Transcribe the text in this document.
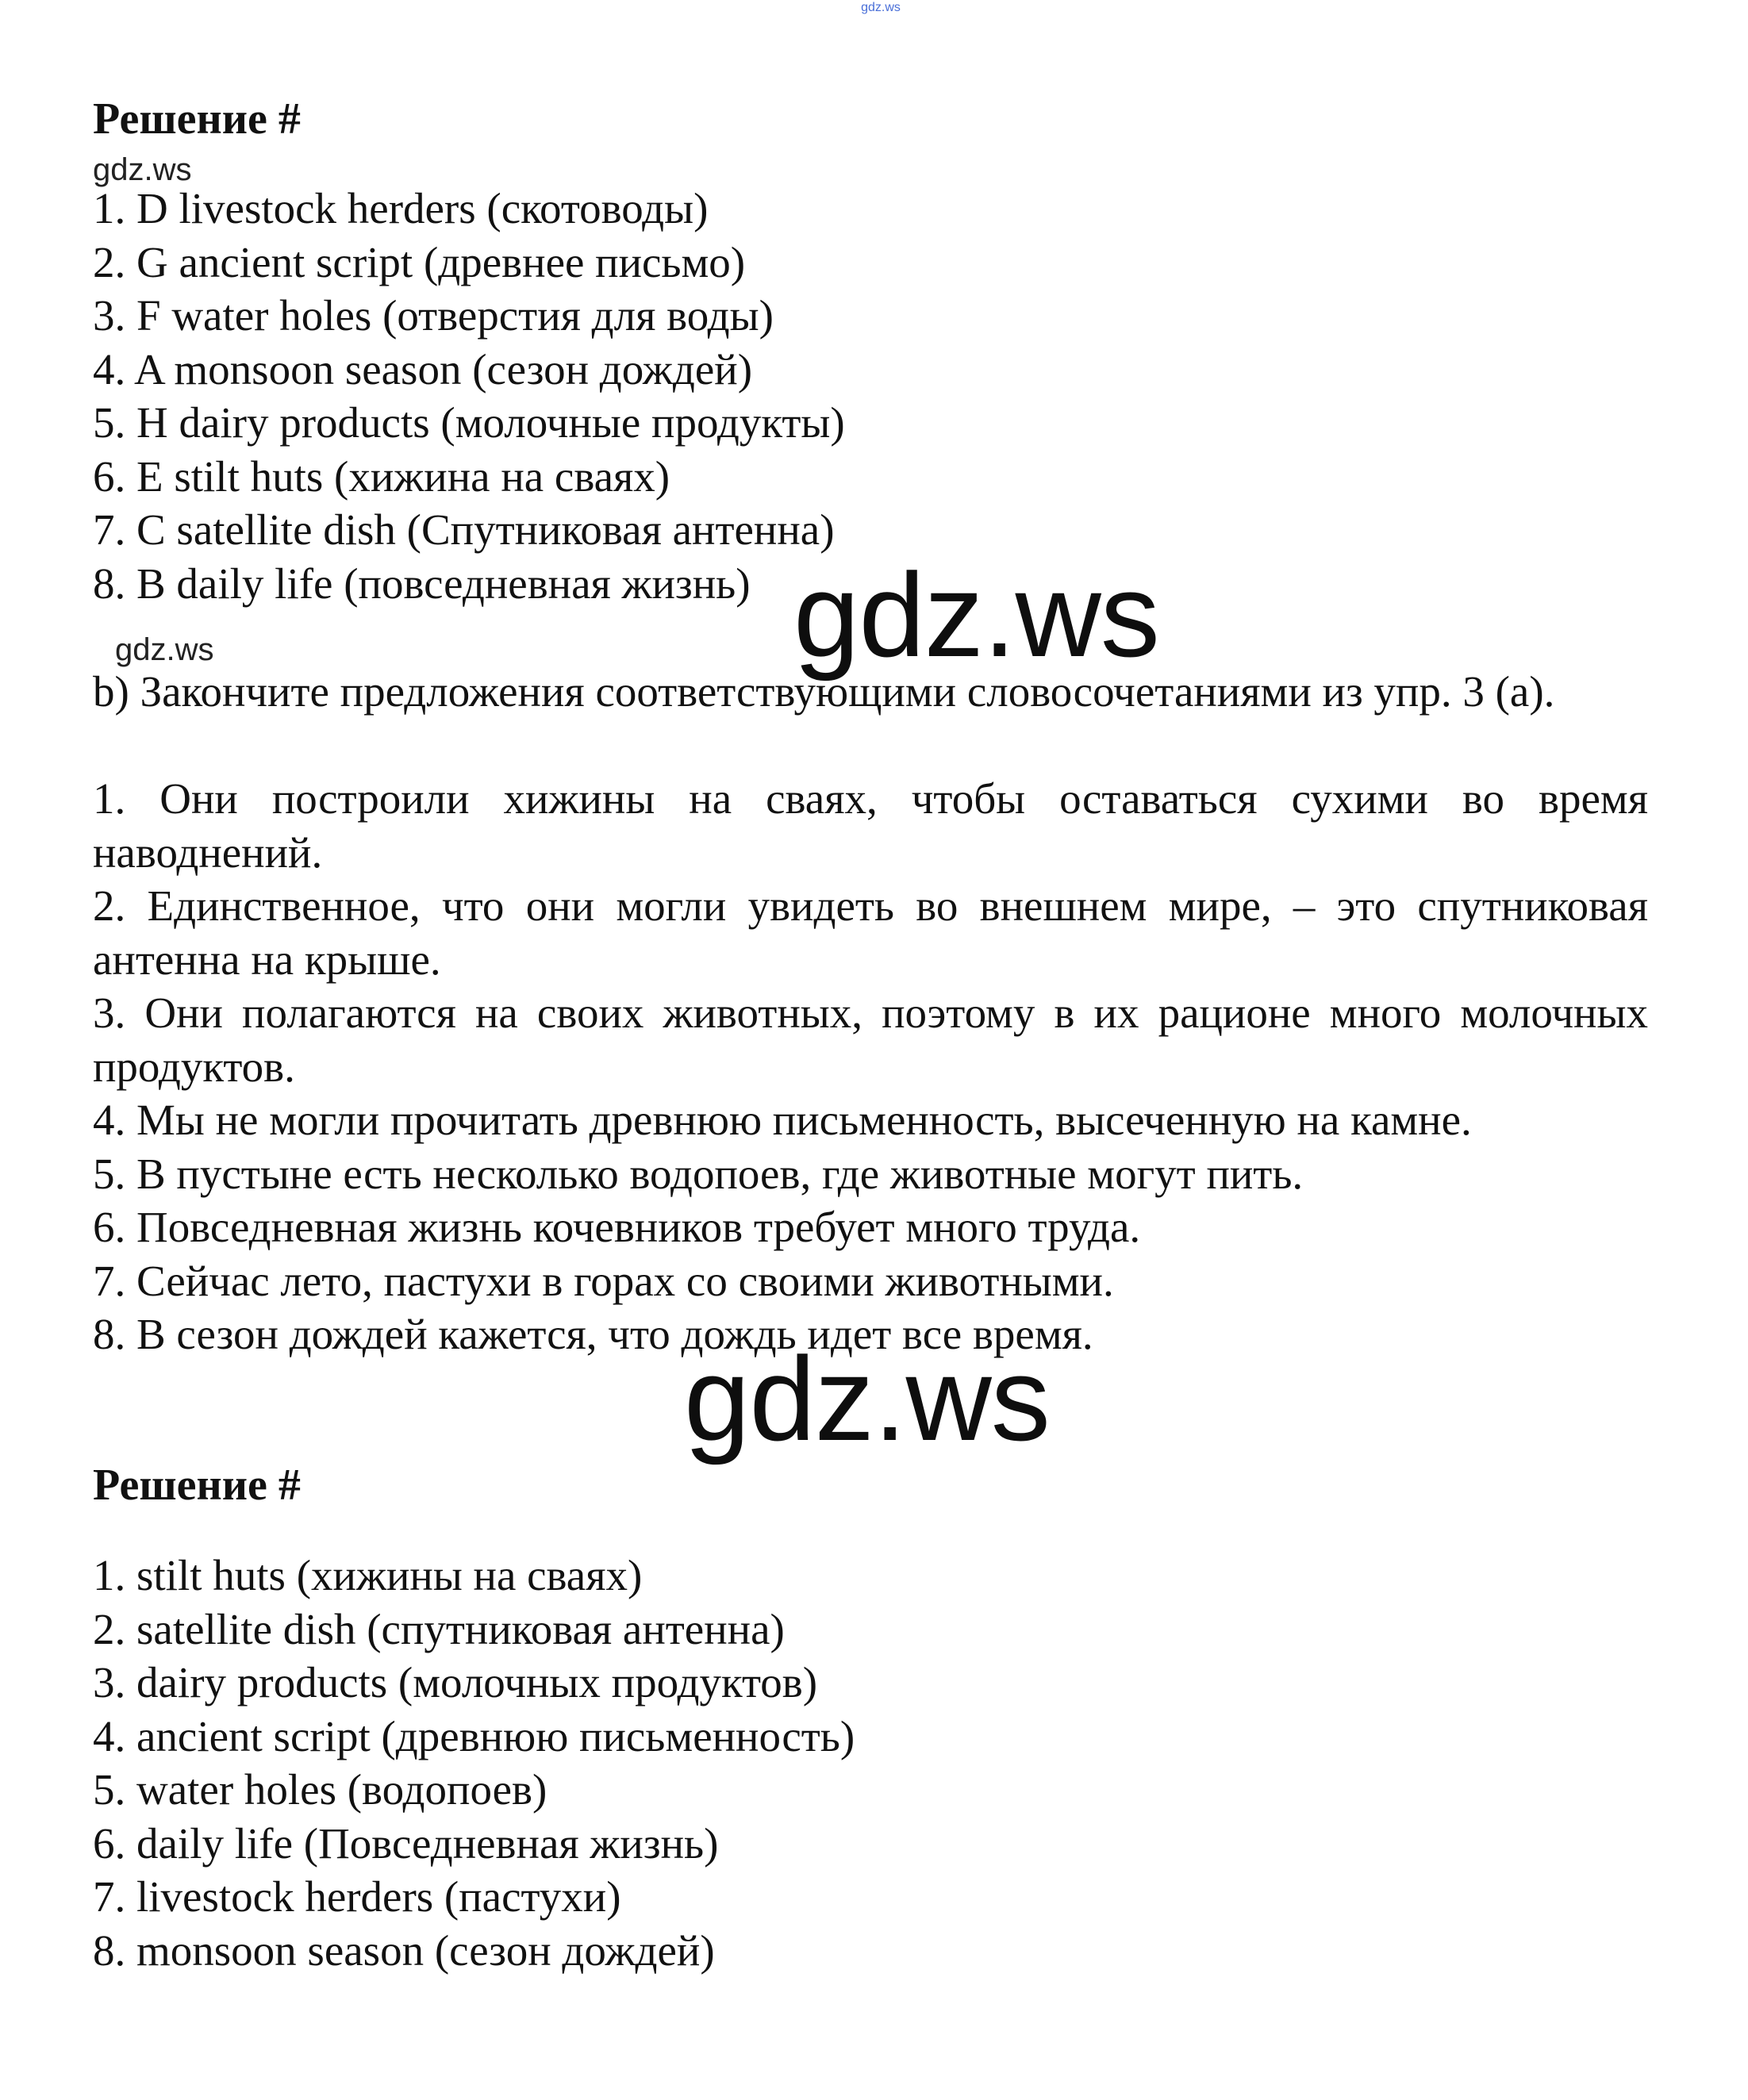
gdz.ws
Решение #
gdz.ws
1. D livestock herders (скотоводы)
2. G ancient script (древнее письмо)
3. F water holes (отверстия для воды)
4. A monsoon season (сезон дождей)
5. H dairy products (молочные продукты)
6. E stilt huts (хижина на сваях)
7. C satellite dish (Спутниковая антенна)
8. B daily life (повседневная жизнь) gdz.ws
gdz.ws

b) Закончите предложения соответствующими словосочетаниями из упр. 3 (a).

1. Они построили хижины на сваях, чтобы оставаться сухими во время наводнений.

2. Единственное, что они могли увидеть во внешнем мире, – это спутниковая антенна на крыше.

3. Они полагаются на своих животных, поэтому в их рационе много молочных продуктов.

4. Мы не могли прочитать древнюю письменность, высеченную на камне.
5. В пустыне есть несколько водопоев, где животные могут пить.
6. Повседневная жизнь кочевников требует много труда.
7. Сейчас лето, пастухи в горах со своими животными.
8. В сезон дождей кажется, что дождь идет все время.
gdz.ws
Решение #
1. stilt huts (хижины на сваях)
2. satellite dish (спутниковая антенна)
3. dairy products (молочных продуктов)
4. ancient script (древнюю письменность)
5. water holes (водопоев)
6. daily life (Повседневная жизнь)
7. livestock herders (пастухи)
8. monsoon season (сезон дождей)
